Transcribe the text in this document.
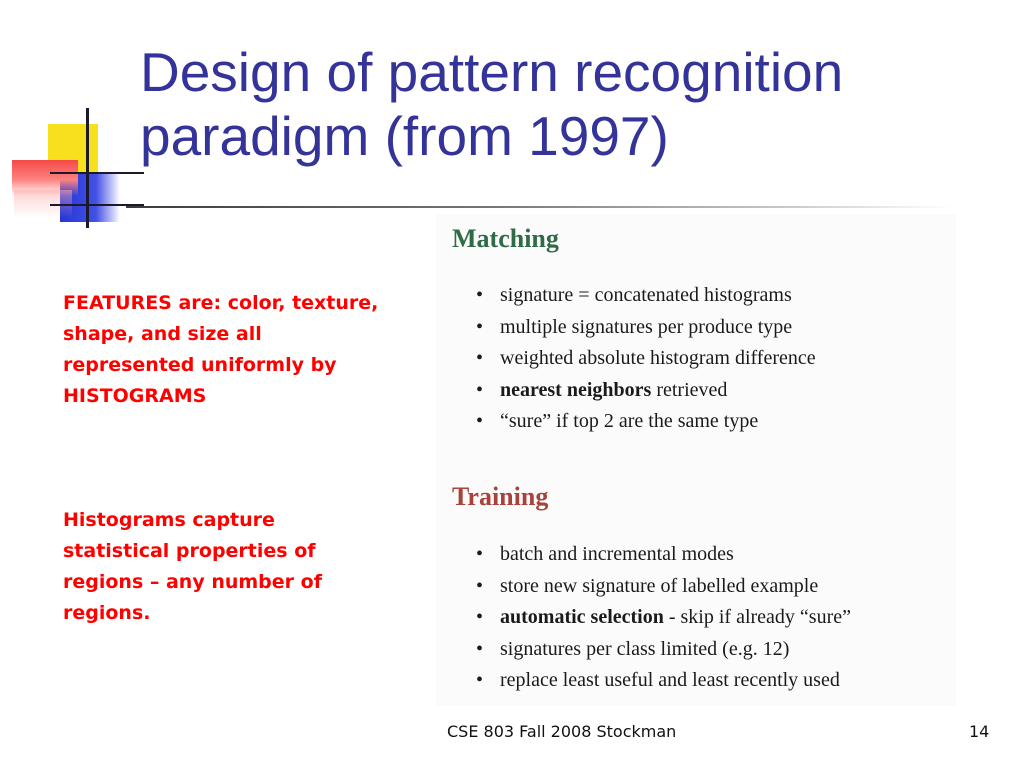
Design of pattern recognition
paradigm (from 1997)
FEATURES are: color, texture, shape, and size all represented uniformly by HISTOGRAMS
Histograms capture statistical properties of regions – any number of regions.
Matching
• signature = concatenated histograms
• multiple signatures per produce type
• weighted absolute histogram difference
• nearest neighbors retrieved
• “sure” if top 2 are the same type
Training
• batch and incremental modes
• store new signature of labelled example
• automatic selection - skip if already “sure”
• signatures per class limited (e.g. 12)
• replace least useful and least recently used
CSE 803 Fall 2008 Stockman	14
